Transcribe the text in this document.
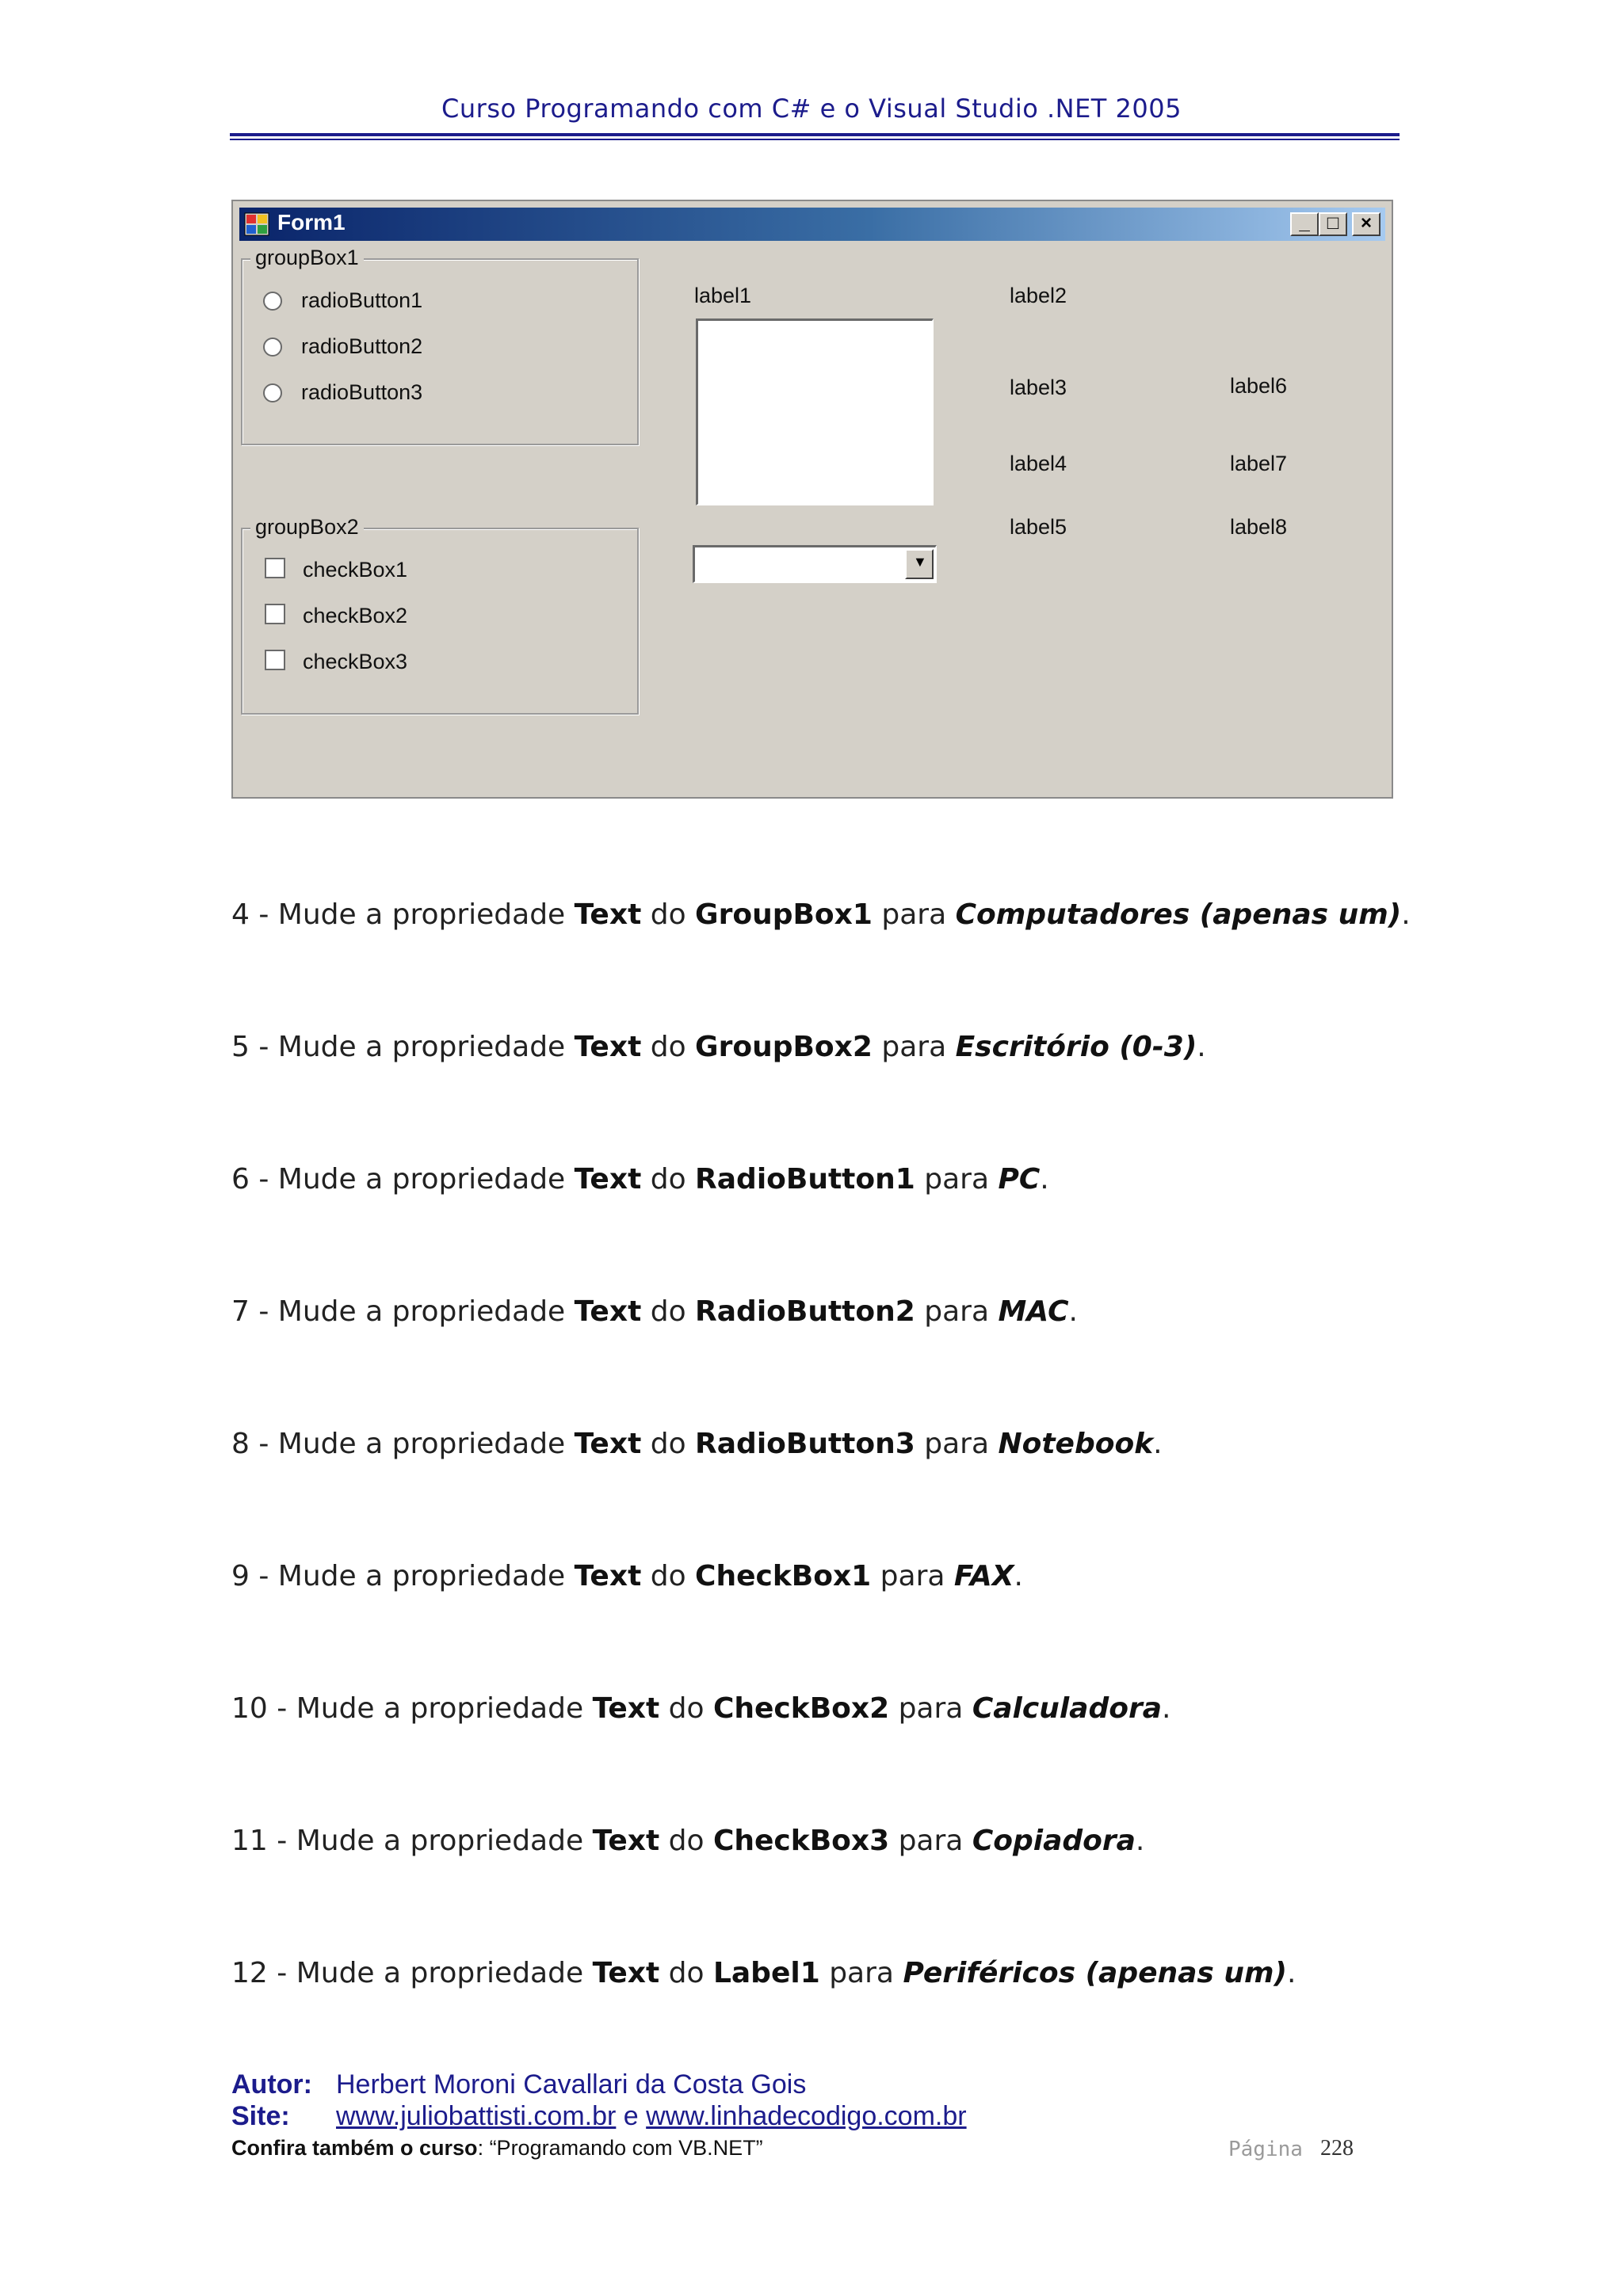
Curso Programando com C# e o Visual Studio .NET 2005
Form1	_ □	×
groupBox1
radioButton1
radioButton2
radioButton3
groupBox2
checkBox1
checkBox2
checkBox3
label1
▼
label2
label3
label4
label5
label6
label7
label8
4 - Mude a propriedade Text do GroupBox1 para Computadores (apenas um).
5 - Mude a propriedade Text do GroupBox2 para Escritório (0-3).
6 - Mude a propriedade Text do RadioButton1 para PC.
7 - Mude a propriedade Text do RadioButton2 para MAC.
8 - Mude a propriedade Text do RadioButton3 para Notebook.
9 - Mude a propriedade Text do CheckBox1 para FAX.
10 - Mude a propriedade Text do CheckBox2 para Calculadora.
11 - Mude a propriedade Text do CheckBox3 para Copiadora.
12 - Mude a propriedade Text do Label1 para Periféricos (apenas um).
Autor: Herbert Moroni Cavallari da Costa Gois
Site: www.juliobattisti.com.br e www.linhadecodigo.com.br
Confira também o curso: “Programando com VB.NET”	Página 228
